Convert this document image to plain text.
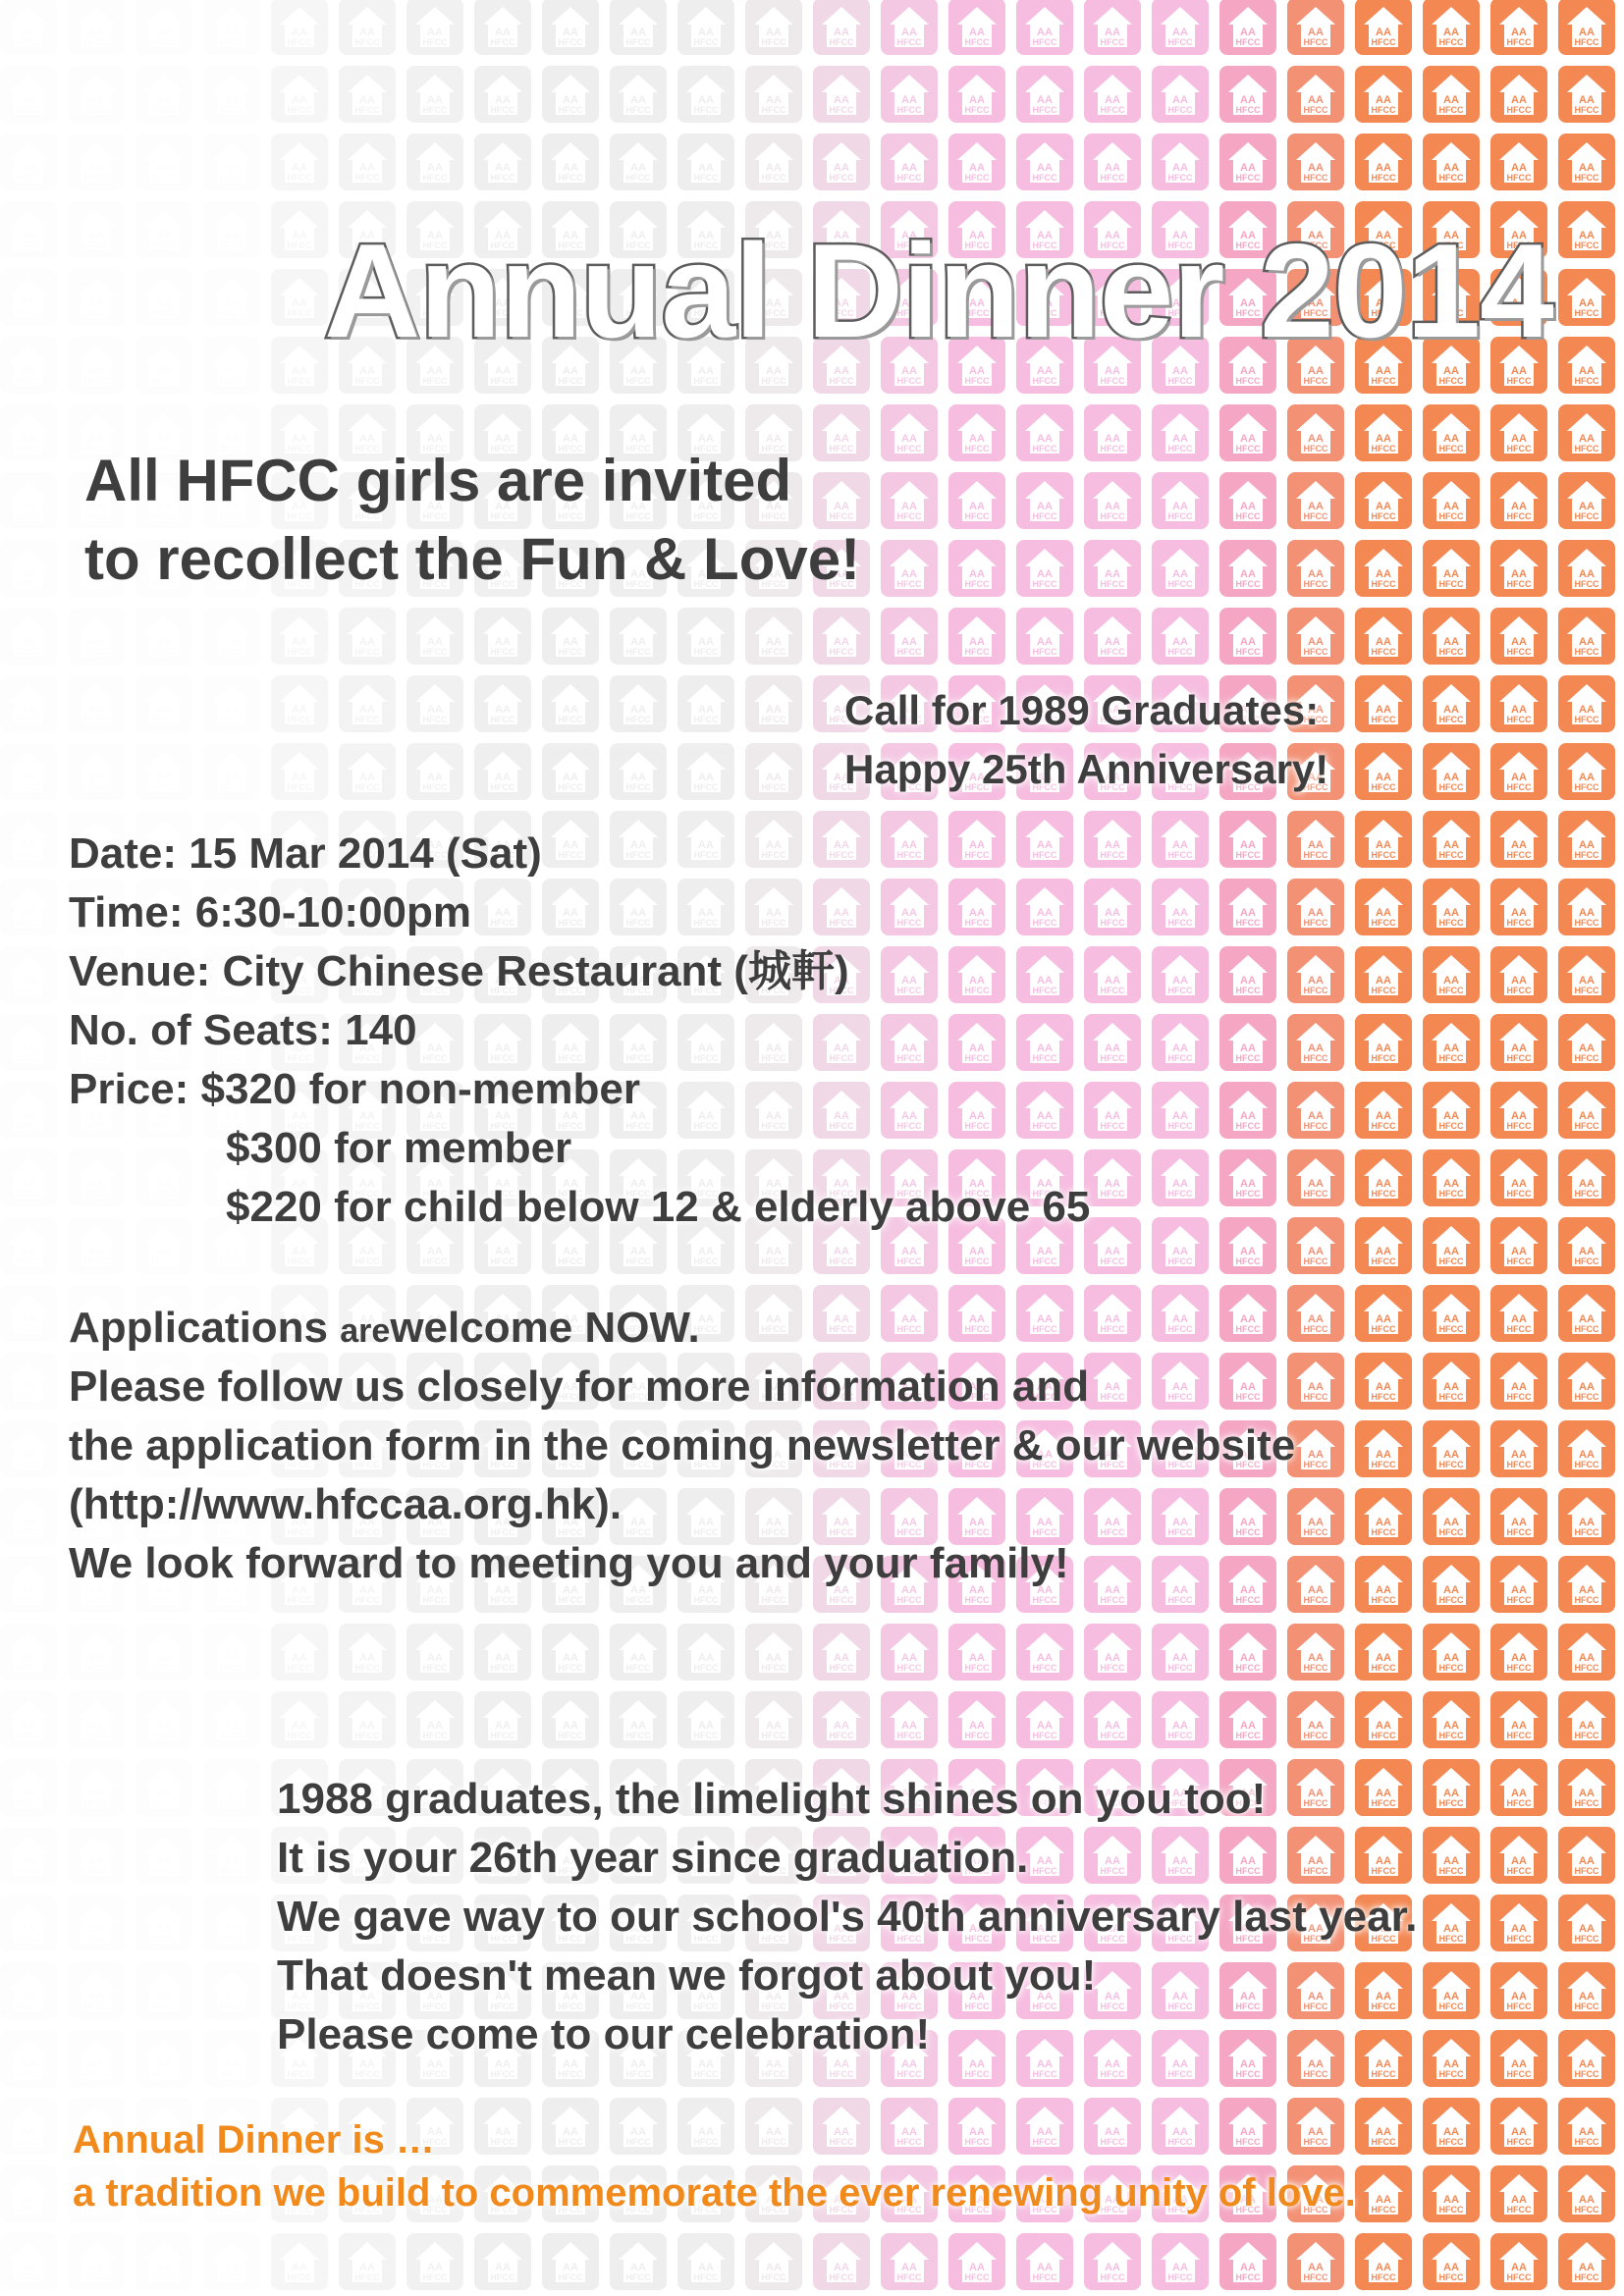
AA
HFCC
Annual Dinner 2014
All HFCC girls are invited
to recollect the Fun & Love!
Call for 1989 Graduates:
Happy 25th Anniversary!
Date: 15 Mar 2014 (Sat)
Time: 6:30-10:00pm
Venue: City Chinese Restaurant (城軒)
No. of Seats: 140
Price: $320 for non-member
$300 for member
$220 for child below 12 & elderly above 65
Applications arewelcome NOW.
Please follow us closely for more information and
the application form in the coming newsletter & our website
(http://www.hfccaa.org.hk).
We look forward to meeting you and your family!
1988 graduates, the limelight shines on you too!
It is your 26th year since graduation.
We gave way to our school's 40th anniversary last year.
That doesn't mean we forgot about you!
Please come to our celebration!
Annual Dinner is …
a tradition we build to commemorate the ever renewing unity of love.
